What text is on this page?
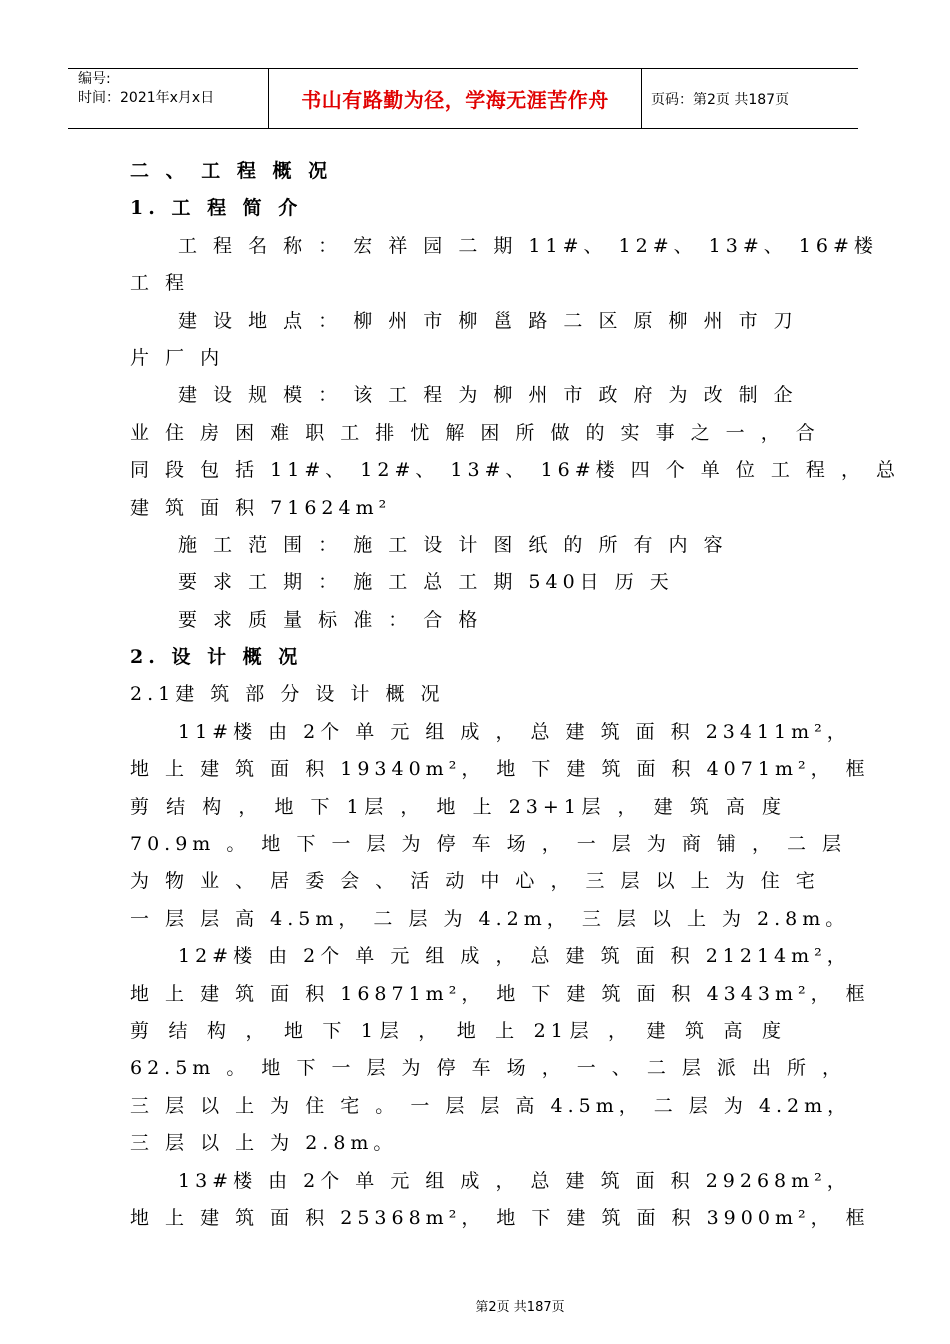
编号:
时间：2021年x月x日	书山有路勤为径，学海无涯苦作舟	页码：第2页 共187页
二 、 工 程 概 况
1. 工 程 简 介
工 程 名 称 ： 宏 祥 园 二 期 11#、 12#、 13#、 16#楼
工 程
建 设 地 点 ： 柳 州 市 柳 邕 路 二 区 原 柳 州 市 刀
片 厂 内
建 设 规 模 ： 该 工 程 为 柳 州 市 政 府 为 改 制 企
业 住 房 困 难 职 工 排 忧 解 困 所 做 的 实 事 之 一 ， 合
同 段 包 括 11#、 12#、 13#、 16#楼 四 个 单 位 工 程 ， 总
建 筑 面 积 71624m²
施 工 范 围 ： 施 工 设 计 图 纸 的 所 有 内 容
要 求 工 期 ： 施 工 总 工 期 540日 历 天
要 求 质 量 标 准 ： 合 格
2. 设 计 概 况
2.1建 筑 部 分 设 计 概 况
11#楼 由 2个 单 元 组 成 ， 总 建 筑 面 积 23411m²，
地 上 建 筑 面 积 19340m²， 地 下 建 筑 面 积 4071m²， 框
剪 结 构 ， 地 下 1层 ， 地 上 23+1层 ， 建 筑 高 度
70.9m 。 地 下 一 层 为 停 车 场 ， 一 层 为 商 铺 ， 二 层
为 物 业 、 居 委 会 、 活 动 中 心 ， 三 层 以 上 为 住 宅
一 层 层 高 4.5m， 二 层 为 4.2m， 三 层 以 上 为 2.8m。
12#楼 由 2个 单 元 组 成 ， 总 建 筑 面 积 21214m²，
地 上 建 筑 面 积 16871m²， 地 下 建 筑 面 积 4343m²， 框
剪 结 构 ， 地 下 1层 ， 地 上 21层 ， 建 筑 高 度
62.5m 。 地 下 一 层 为 停 车 场 ， 一 、 二 层 派 出 所 ，
三 层 以 上 为 住 宅 。 一 层 层 高 4.5m， 二 层 为 4.2m，
三 层 以 上 为 2.8m。
13#楼 由 2个 单 元 组 成 ， 总 建 筑 面 积 29268m²，
地 上 建 筑 面 积 25368m²， 地 下 建 筑 面 积 3900m²， 框
第2页 共187页
